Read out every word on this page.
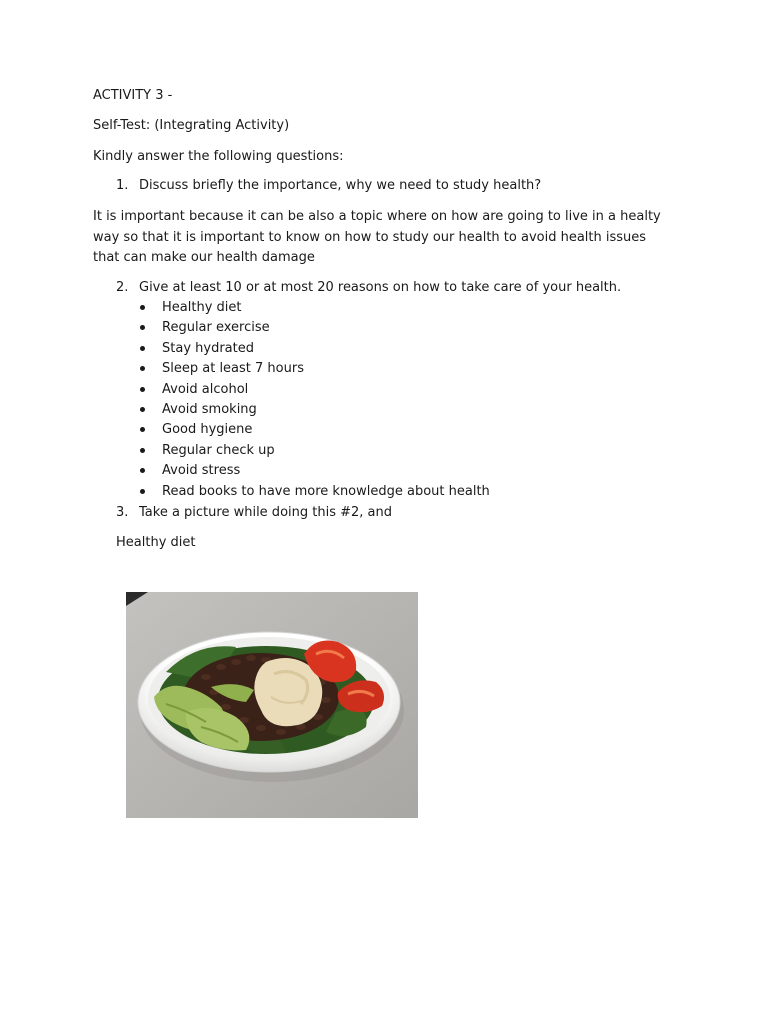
ACTIVITY 3 -
Self-Test: (Integrating Activity)
Kindly answer the following questions:
1. Discuss briefly the importance, why we need to study health?
It is important because it can be also a topic where on how are going to live in a healty way so that it is important to know on how to study our health to avoid health issues that can make our health damage
2. Give at least 10 or at most 20 reasons on how to take care of your health.
Healthy diet
Regular exercise
Stay hydrated
Sleep at least 7 hours
Avoid alcohol
Avoid smoking
Good hygiene
Regular check up
Avoid stress
Read books to have more knowledge about health
3. Take a picture while doing this #2, and
Healthy diet
